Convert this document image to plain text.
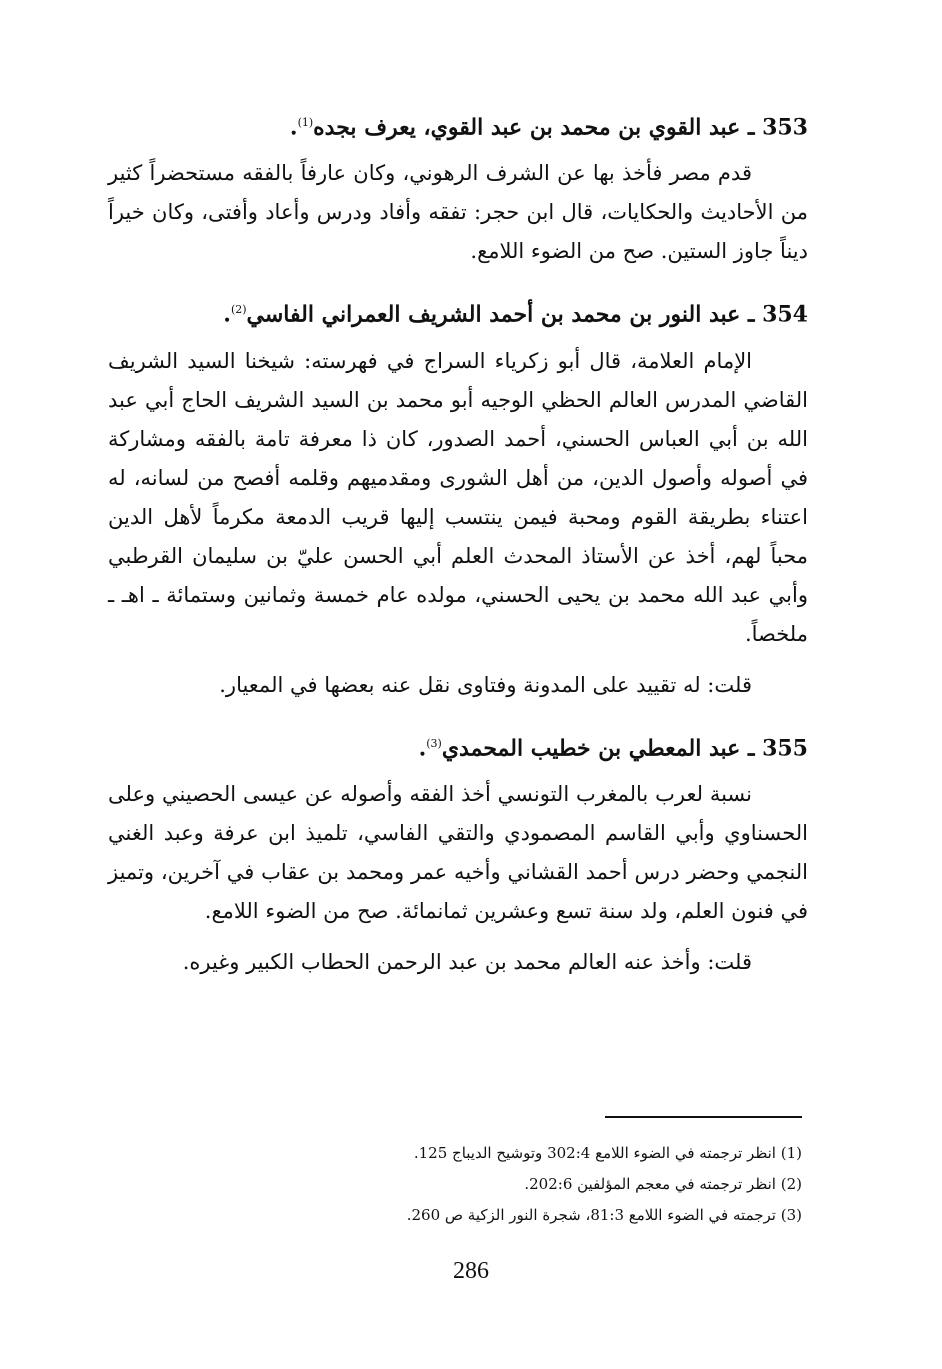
353 ـ عبد القوي بن محمد بن عبد القوي، يعرف بجده$^{(1)}$.

قدم مصر فأخذ بها عن الشرف الرهوني، وكان عارفاً بالفقه مستحضراً كثير من الأحاديث والحكايات، قال ابن حجر: تفقه وأفاد ودرس وأعاد وأفتى، وكان خيراً ديناً جاوز الستين. صح من الضوء اللامع.

354 ـ عبد النور بن محمد بن أحمد الشريف العمراني الفاسي$^{(2)}$.

الإمام العلامة، قال أبو زكرياء السراج في فهرسته: شيخنا السيد الشريف القاضي المدرس العالم الحظي الوجيه أبو محمد بن السيد الشريف الحاج أبي عبد الله بن أبي العباس الحسني، أحمد الصدور، كان ذا معرفة تامة بالفقه ومشاركة في أصوله وأصول الدين، من أهل الشورى ومقدميهم وقلمه أفصح من لسانه، له اعتناء بطريقة القوم ومحبة فيمن ينتسب إليها قريب الدمعة مكرماً لأهل الدين محباً لهم، أخذ عن الأستاذ المحدث العلم أبي الحسن عليّ بن سليمان القرطبي وأبي عبد الله محمد بن يحيى الحسني، مولده عام خمسة وثمانين وستمائة ـ اهـ ـ ملخصاً.

قلت: له تقييد على المدونة وفتاوى نقل عنه بعضها في المعيار.

355 ـ عبد المعطي بن خطيب المحمدي$^{(3)}$.

نسبة لعرب بالمغرب التونسي أخذ الفقه وأصوله عن عيسى الحصيني وعلى الحسناوي وأبي القاسم المصمودي والتقي الفاسي، تلميذ ابن عرفة وعبد الغني النجمي وحضر درس أحمد القشاني وأخيه عمر ومحمد بن عقاب في آخرين، وتميز في فنون العلم، ولد سنة تسع وعشرين ثمانمائة. صح من الضوء اللامع.

قلت: وأخذ عنه العالم محمد بن عبد الرحمن الحطاب الكبير وغيره.

(1) انظر ترجمته في الضوء اللامع 302:4 وتوشيح الديباج 125.
(2) انظر ترجمته في معجم المؤلفين 202:6.
(3) ترجمته في الضوء اللامع 81:3، شجرة النور الزكية ص 260.
286
